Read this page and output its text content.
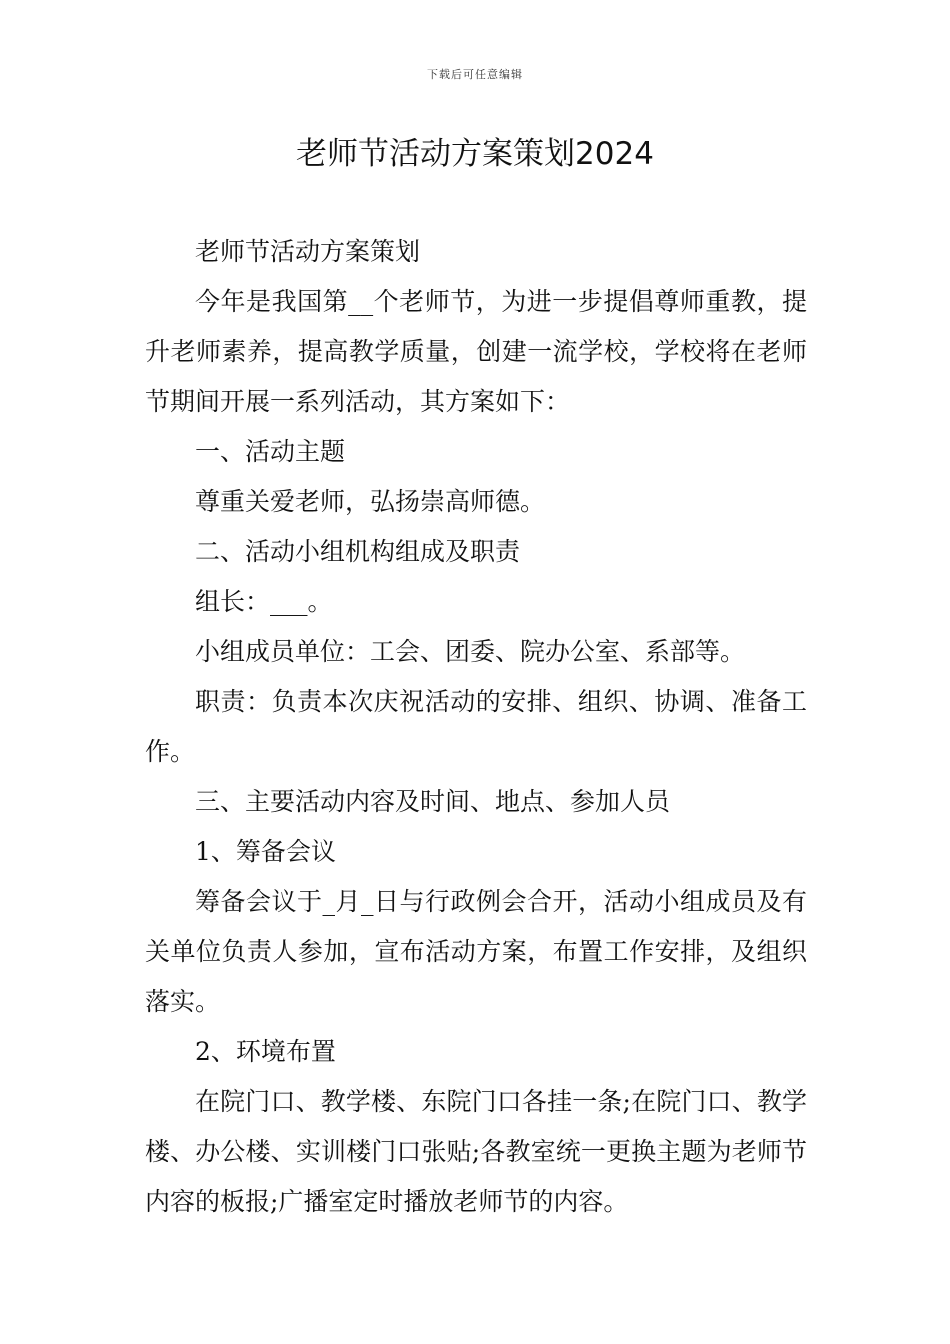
下载后可任意编辑
老师节活动方案策划2024

老师节活动方案策划

今年是我国第__个老师节，为进一步提倡尊师重教，提升老师素养，提高教学质量，创建一流学校，学校将在老师节期间开展一系列活动，其方案如下：

一、活动主题

尊重关爱老师，弘扬崇高师德。

二、活动小组机构组成及职责

组长：___。

小组成员单位：工会、团委、院办公室、系部等。

职责：负责本次庆祝活动的安排、组织、协调、准备工作。

三、主要活动内容及时间、地点、参加人员

1、筹备会议

筹备会议于_月_日与行政例会合开，活动小组成员及有关单位负责人参加，宣布活动方案，布置工作安排，及组织落实。

2、环境布置

在院门口、教学楼、东院门口各挂一条;在院门口、教学楼、办公楼、实训楼门口张贴;各教室统一更换主题为老师节内容的板报;广播室定时播放老师节的内容。
